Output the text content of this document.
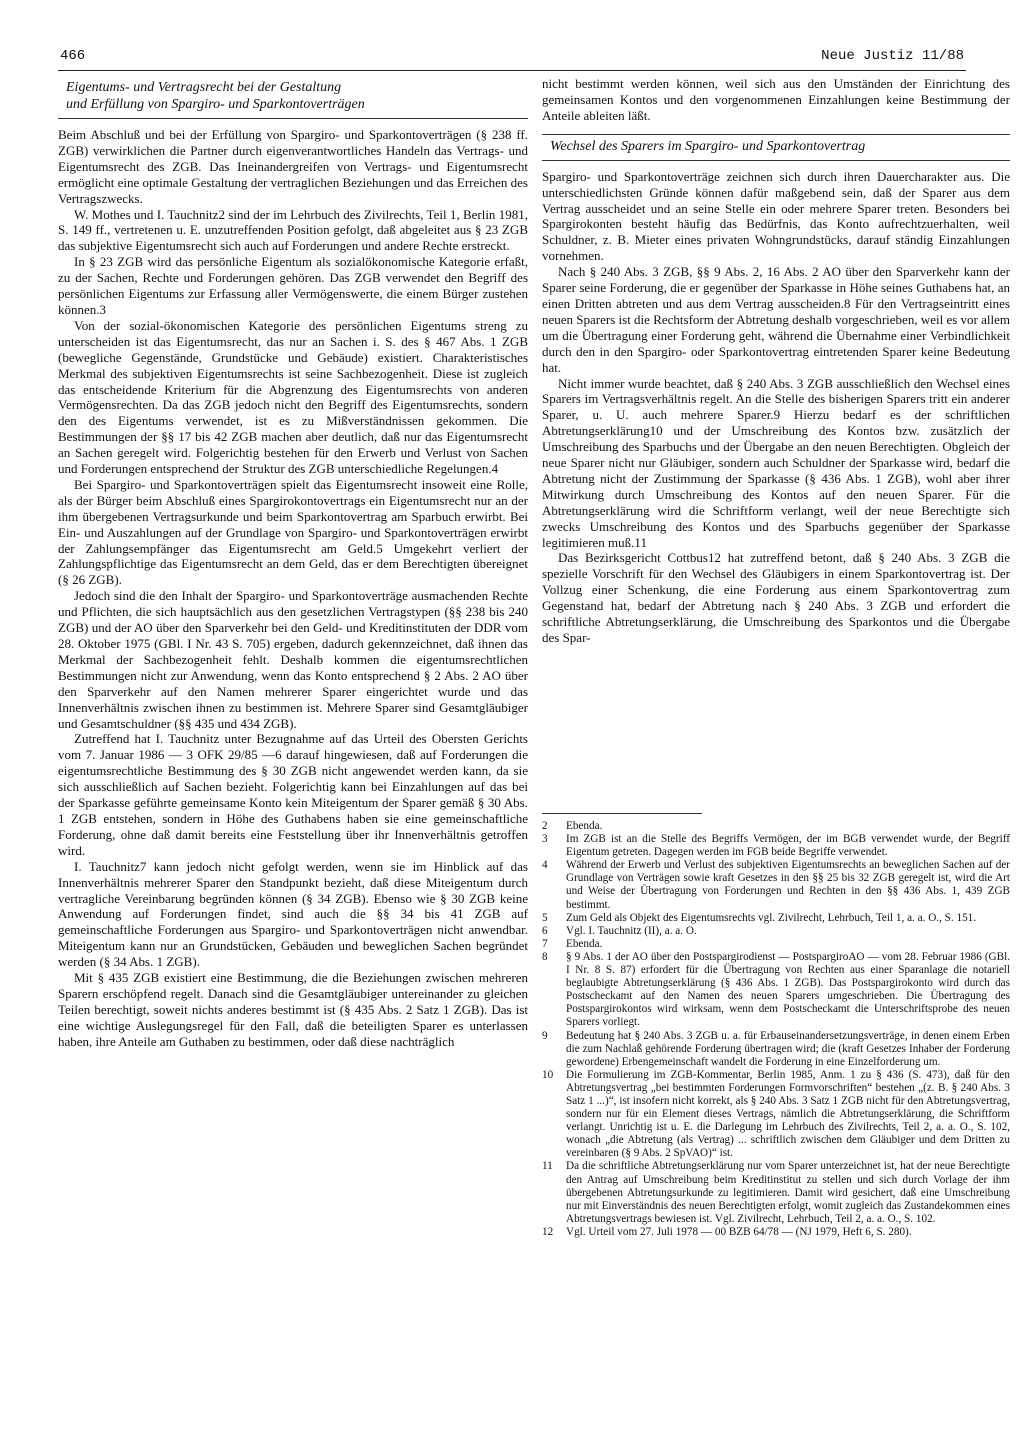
466	Neue Justiz 11/88
Eigentums- und Vertragsrecht bei der Gestaltung
und Erfüllung von Spargiro- und Sparkontoverträgen

Beim Abschluß und bei der Erfüllung von Spargiro- und Sparkontoverträgen (§ 238 ff. ZGB) verwirklichen die Partner durch eigenverantwortliches Handeln das Vertrags- und Eigentumsrecht des ZGB. Das Ineinandergreifen von Vertrags- und Eigentumsrecht ermöglicht eine optimale Gestaltung der vertraglichen Beziehungen und das Erreichen des Vertragszwecks.

W. Mothes und I. Tauchnitz2 sind der im Lehrbuch des Zivilrechts, Teil 1, Berlin 1981, S. 149 ff., vertretenen u. E. unzutreffenden Position gefolgt, daß abgeleitet aus § 23 ZGB das subjektive Eigentumsrecht sich auch auf Forderungen und andere Rechte erstreckt.

In § 23 ZGB wird das persönliche Eigentum als sozialökonomische Kategorie erfaßt, zu der Sachen, Rechte und Forderungen gehören. Das ZGB verwendet den Begriff des persönlichen Eigentums zur Erfassung aller Vermögenswerte, die einem Bürger zustehen können.3

Von der sozial-ökonomischen Kategorie des persönlichen Eigentums streng zu unterscheiden ist das Eigentumsrecht, das nur an Sachen i. S. des § 467 Abs. 1 ZGB (bewegliche Gegenstände, Grundstücke und Gebäude) existiert. Charakteristisches Merkmal des subjektiven Eigentumsrechts ist seine Sachbezogenheit. Diese ist zugleich das entscheidende Kriterium für die Abgrenzung des Eigentumsrechts von anderen Vermögensrechten. Da das ZGB jedoch nicht den Begriff des Eigentumsrechts, sondern den des Eigentums verwendet, ist es zu Mißverständnissen gekommen. Die Bestimmungen der §§ 17 bis 42 ZGB machen aber deutlich, daß nur das Eigentumsrecht an Sachen geregelt wird. Folgerichtig bestehen für den Erwerb und Verlust von Sachen und Forderungen entsprechend der Struktur des ZGB unterschiedliche Regelungen.4

Bei Spargiro- und Sparkontoverträgen spielt das Eigentumsrecht insoweit eine Rolle, als der Bürger beim Abschluß eines Spargirokontovertrags ein Eigentumsrecht nur an der ihm übergebenen Vertragsurkunde und beim Sparkontovertrag am Sparbuch erwirbt. Bei Ein- und Auszahlungen auf der Grundlage von Spargiro- und Sparkontoverträgen erwirbt der Zahlungsempfänger das Eigentumsrecht am Geld.5 Umgekehrt verliert der Zahlungspflichtige das Eigentumsrecht an dem Geld, das er dem Berechtigten übereignet (§ 26 ZGB).

Jedoch sind die den Inhalt der Spargiro- und Sparkontoverträge ausmachenden Rechte und Pflichten, die sich hauptsächlich aus den gesetzlichen Vertragstypen (§§ 238 bis 240 ZGB) und der AO über den Sparverkehr bei den Geld- und Kreditinstituten der DDR vom 28. Oktober 1975 (GBl. I Nr. 43 S. 705) ergeben, dadurch gekennzeichnet, daß ihnen das Merkmal der Sachbezogenheit fehlt. Deshalb kommen die eigentumsrechtlichen Bestimmungen nicht zur Anwendung, wenn das Konto entsprechend § 2 Abs. 2 AO über den Sparverkehr auf den Namen mehrerer Sparer eingerichtet wurde und das Innenverhältnis zwischen ihnen zu bestimmen ist. Mehrere Sparer sind Gesamtgläubiger und Gesamtschuldner (§§ 435 und 434 ZGB).

Zutreffend hat I. Tauchnitz unter Bezugnahme auf das Urteil des Obersten Gerichts vom 7. Januar 1986 — 3 OFK 29/85 —6 darauf hingewiesen, daß auf Forderungen die eigentumsrechtliche Bestimmung des § 30 ZGB nicht angewendet werden kann, da sie sich ausschließlich auf Sachen bezieht. Folgerichtig kann bei Einzahlungen auf das bei der Sparkasse geführte gemeinsame Konto kein Miteigentum der Sparer gemäß § 30 Abs. 1 ZGB entstehen, sondern in Höhe des Guthabens haben sie eine gemeinschaftliche Forderung, ohne daß damit bereits eine Feststellung über ihr Innenverhältnis getroffen wird.

I. Tauchnitz7 kann jedoch nicht gefolgt werden, wenn sie im Hinblick auf das Innenverhältnis mehrerer Sparer den Standpunkt bezieht, daß diese Miteigentum durch vertragliche Vereinbarung begründen können (§ 34 ZGB). Ebenso wie § 30 ZGB keine Anwendung auf Forderungen findet, sind auch die §§ 34 bis 41 ZGB auf gemeinschaftliche Forderungen aus Spargiro- und Sparkontoverträgen nicht anwendbar. Miteigentum kann nur an Grundstücken, Gebäuden und beweglichen Sachen begründet werden (§ 34 Abs. 1 ZGB).

Mit § 435 ZGB existiert eine Bestimmung, die die Beziehungen zwischen mehreren Sparern erschöpfend regelt. Danach sind die Gesamtgläubiger untereinander zu gleichen Teilen berechtigt, soweit nichts anderes bestimmt ist (§ 435 Abs. 2 Satz 1 ZGB). Das ist eine wichtige Auslegungsregel für den Fall, daß die beteiligten Sparer es unterlassen haben, ihre Anteile am Guthaben zu bestimmen, oder daß diese nachträglich

nicht bestimmt werden können, weil sich aus den Umständen der Einrichtung des gemeinsamen Kontos und den vorgenommenen Einzahlungen keine Bestimmung der Anteile ableiten läßt.

Wechsel des Sparers im Spargiro- und Sparkontovertrag

Spargiro- und Sparkontoverträge zeichnen sich durch ihren Dauercharakter aus. Die unterschiedlichsten Gründe können dafür maßgebend sein, daß der Sparer aus dem Vertrag ausscheidet und an seine Stelle ein oder mehrere Sparer treten. Besonders bei Spargirokonten besteht häufig das Bedürfnis, das Konto aufrechtzuerhalten, weil Schuldner, z. B. Mieter eines privaten Wohngrundstücks, darauf ständig Einzahlungen vornehmen.

Nach § 240 Abs. 3 ZGB, §§ 9 Abs. 2, 16 Abs. 2 AO über den Sparverkehr kann der Sparer seine Forderung, die er gegenüber der Sparkasse in Höhe seines Guthabens hat, an einen Dritten abtreten und aus dem Vertrag ausscheiden.8 Für den Vertragseintritt eines neuen Sparers ist die Rechtsform der Abtretung deshalb vorgeschrieben, weil es vor allem um die Übertragung einer Forderung geht, während die Übernahme einer Verbindlichkeit durch den in den Spargiro- oder Sparkontovertrag eintretenden Sparer keine Bedeutung hat.

Nicht immer wurde beachtet, daß § 240 Abs. 3 ZGB ausschließlich den Wechsel eines Sparers im Vertragsverhältnis regelt. An die Stelle des bisherigen Sparers tritt ein anderer Sparer, u. U. auch mehrere Sparer.9 Hierzu bedarf es der schriftlichen Abtretungserklärung10 und der Umschreibung des Kontos bzw. zusätzlich der Umschreibung des Sparbuchs und der Übergabe an den neuen Berechtigten. Obgleich der neue Sparer nicht nur Gläubiger, sondern auch Schuldner der Sparkasse wird, bedarf die Abtretung nicht der Zustimmung der Sparkasse (§ 436 Abs. 1 ZGB), wohl aber ihrer Mitwirkung durch Umschreibung des Kontos auf den neuen Sparer. Für die Abtretungserklärung wird die Schriftform verlangt, weil der neue Berechtigte sich zwecks Umschreibung des Kontos und des Sparbuchs gegenüber der Sparkasse legitimieren muß.11

Das Bezirksgericht Cottbus12 hat zutreffend betont, daß § 240 Abs. 3 ZGB die spezielle Vorschrift für den Wechsel des Gläubigers in einem Sparkontovertrag ist. Der Vollzug einer Schenkung, die eine Forderung aus einem Sparkontovertrag zum Gegenstand hat, bedarf der Abtretung nach § 240 Abs. 3 ZGB und erfordert die schriftliche Abtretungserklärung, die Umschreibung des Sparkontos und die Übergabe des Spar-

2	Ebenda.
3	Im ZGB ist an die Stelle des Begriffs Vermögen, der im BGB verwendet wurde, der Begriff Eigentum getreten. Dagegen werden im FGB beide Begriffe verwendet.
4	Während der Erwerb und Verlust des subjektiven Eigentumsrechts an beweglichen Sachen auf der Grundlage von Verträgen sowie kraft Gesetzes in den §§ 25 bis 32 ZGB geregelt ist, wird die Art und Weise der Übertragung von Forderungen und Rechten in den §§ 436 Abs. 1, 439 ZGB bestimmt.
5	Zum Geld als Objekt des Eigentumsrechts vgl. Zivilrecht, Lehrbuch, Teil 1, a. a. O., S. 151.
6	Vgl. I. Tauchnitz (II), a. a. O.
7	Ebenda.
8	§ 9 Abs. 1 der AO über den Postspargirodienst — PostspargiroAO — vom 28. Februar 1986 (GBl. I Nr. 8 S. 87) erfordert für die Übertragung von Rechten aus einer Sparanlage die notariell beglaubigte Abtretungserklärung (§ 436 Abs. 1 ZGB). Das Postspargirokonto wird durch das Postscheckamt auf den Namen des neuen Sparers umgeschrieben. Die Übertragung des Postspargirokontos wird wirksam, wenn dem Postscheckamt die Unterschriftsprobe des neuen Sparers vorliegt.
9	Bedeutung hat § 240 Abs. 3 ZGB u. a. für Erbauseinandersetzungsverträge, in denen einem Erben die zum Nachlaß gehörende Forderung übertragen wird; die (kraft Gesetzes Inhaber der Forderung gewordene) Erbengemeinschaft wandelt die Forderung in eine Einzelforderung um.
10	Die Formulierung im ZGB-Kommentar, Berlin 1985, Anm. 1 zu § 436 (S. 473), daß für den Abtretungsvertrag „bei bestimmten Forderungen Formvorschriften“ bestehen „(z. B. § 240 Abs. 3 Satz 1 ...)“, ist insofern nicht korrekt, als § 240 Abs. 3 Satz 1 ZGB nicht für den Abtretungsvertrag, sondern nur für ein Element dieses Vertrags, nämlich die Abtretungserklärung, die Schriftform verlangt. Unrichtig ist u. E. die Darlegung im Lehrbuch des Zivilrechts, Teil 2, a. a. O., S. 102, wonach „die Abtretung (als Vertrag) ... schriftlich zwischen dem Gläubiger und dem Dritten zu vereinbaren (§ 9 Abs. 2 SpVAO)“ ist.
11	Da die schriftliche Abtretungserklärung nur vom Sparer unterzeichnet ist, hat der neue Berechtigte den Antrag auf Umschreibung beim Kreditinstitut zu stellen und sich durch Vorlage der ihm übergebenen Abtretungsurkunde zu legitimieren. Damit wird gesichert, daß eine Umschreibung nur mit Einverständnis des neuen Berechtigten erfolgt, womit zugleich das Zustandekommen eines Abtretungsvertrags bewiesen ist. Vgl. Zivilrecht, Lehrbuch, Teil 2, a. a. O., S. 102.
12	Vgl. Urteil vom 27. Juli 1978 — 00 BZB 64/78 — (NJ 1979, Heft 6, S. 280).
